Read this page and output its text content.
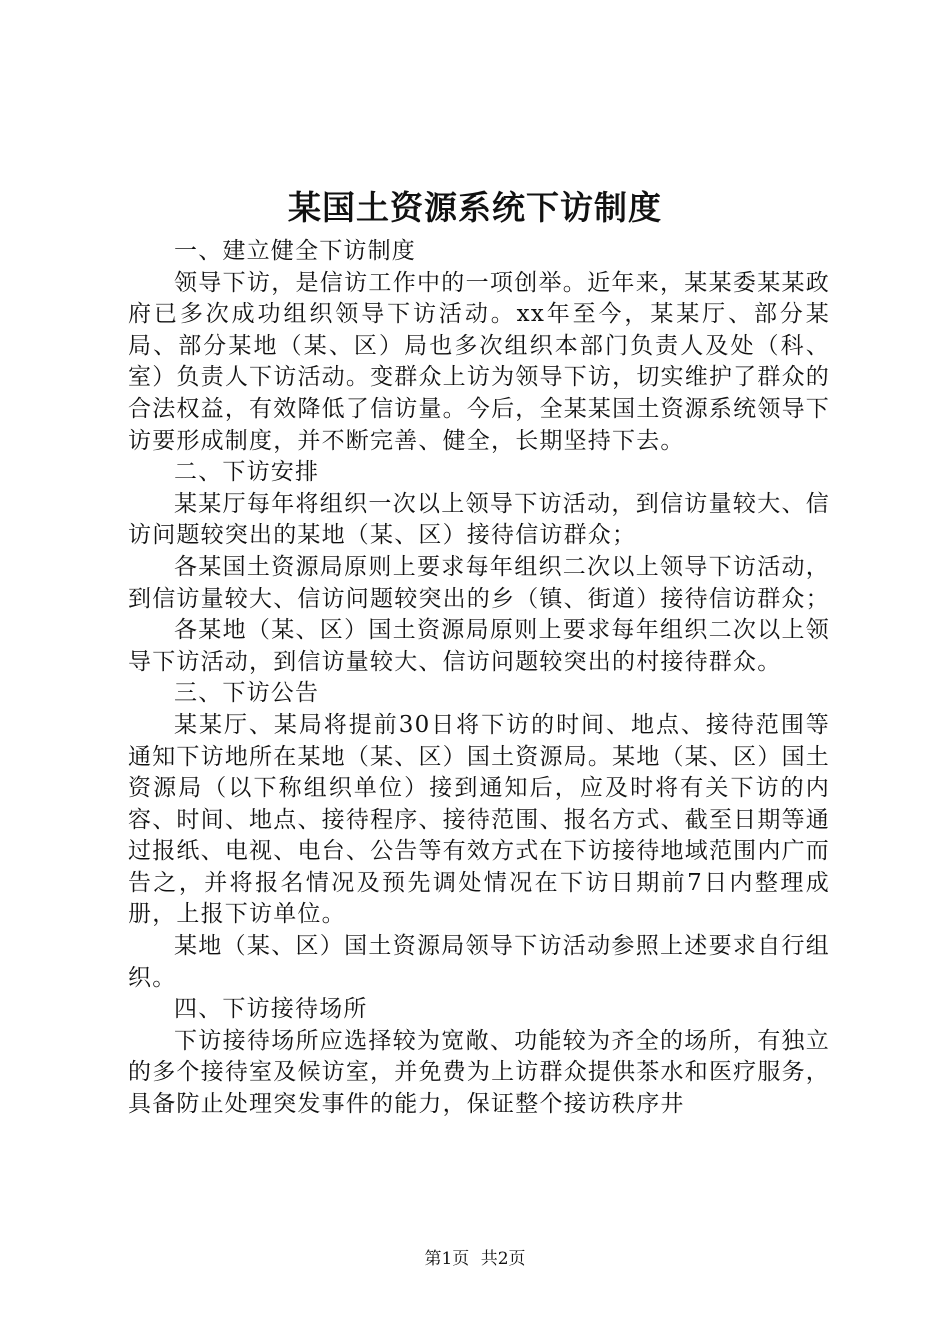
某国土资源系统下访制度

一、建立健全下访制度

领导下访，是信访工作中的一项创举。近年来，某某委某某政府已多次成功组织领导下访活动。xx年至今，某某厅、部分某局、部分某地（某、区）局也多次组织本部门负责人及处（科、室）负责人下访活动。变群众上访为领导下访，切实维护了群众的合法权益，有效降低了信访量。今后，全某某国土资源系统领导下访要形成制度，并不断完善、健全，长期坚持下去。

二、下访安排

某某厅每年将组织一次以上领导下访活动，到信访量较大、信访问题较突出的某地（某、区）接待信访群众；

各某国土资源局原则上要求每年组织二次以上领导下访活动，到信访量较大、信访问题较突出的乡（镇、街道）接待信访群众；

各某地（某、区）国土资源局原则上要求每年组织二次以上领导下访活动，到信访量较大、信访问题较突出的村接待群众。

三、下访公告

某某厅、某局将提前30日将下访的时间、地点、接待范围等通知下访地所在某地（某、区）国土资源局。某地（某、区）国土资源局（以下称组织单位）接到通知后，应及时将有关下访的内容、时间、地点、接待程序、接待范围、报名方式、截至日期等通过报纸、电视、电台、公告等有效方式在下访接待地域范围内广而告之，并将报名情况及预先调处情况在下访日期前7日内整理成册，上报下访单位。

某地（某、区）国土资源局领导下访活动参照上述要求自行组织。

四、下访接待场所

下访接待场所应选择较为宽敞、功能较为齐全的场所，有独立的多个接待室及候访室，并免费为上访群众提供茶水和医疗服务，具备防止处理突发事件的能力，保证整个接访秩序井

第1页 共2页
